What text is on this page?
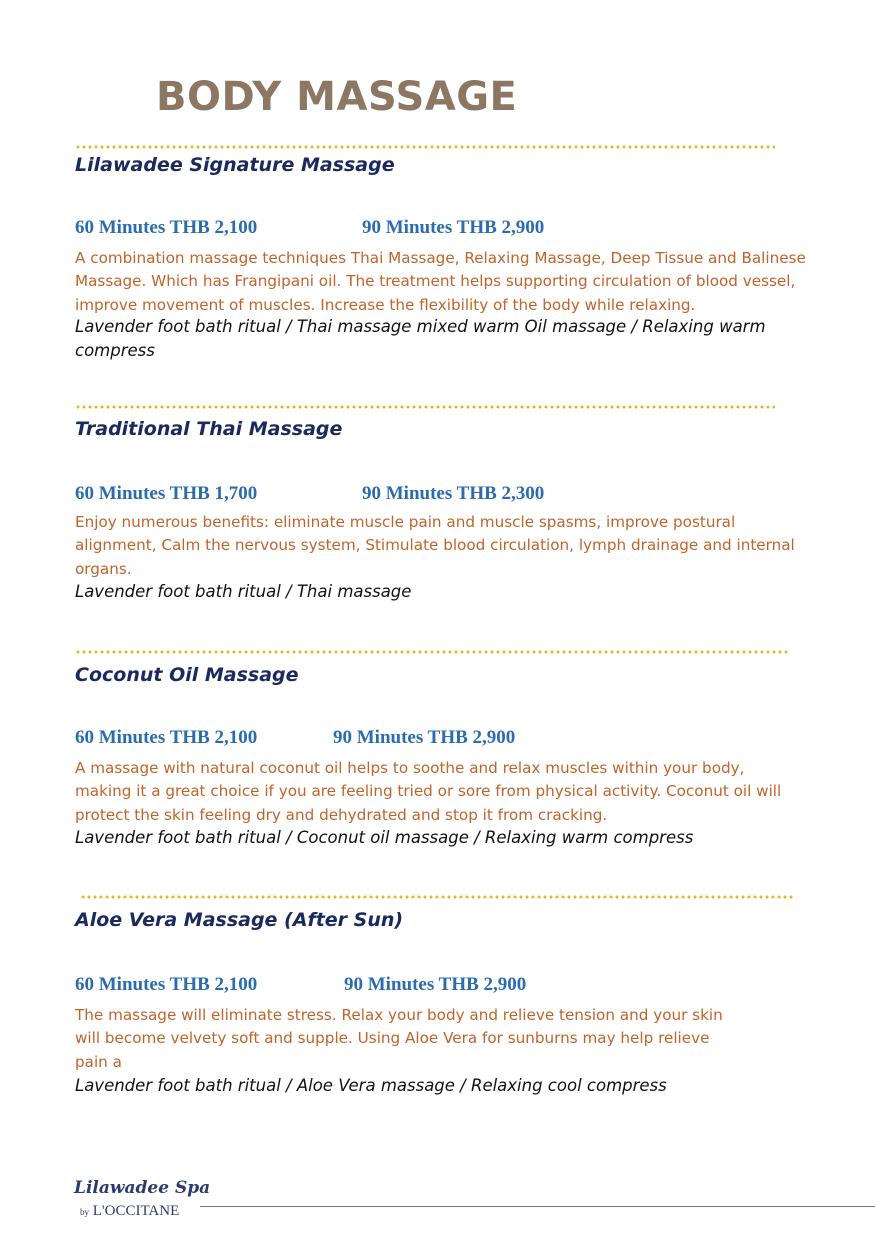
BODY MASSAGE
Lilawadee Signature Massage
60 Minutes THB 2,100	90 Minutes THB 2,900
A combination massage techniques Thai Massage, Relaxing Massage, Deep Tissue and Balinese
Massage. Which has Frangipani oil. The treatment helps supporting circulation of blood vessel,
improve movement of muscles. Increase the flexibility of the body while relaxing.
Lavender foot bath ritual / Thai massage mixed warm Oil massage / Relaxing warm
compress
Traditional Thai Massage
60 Minutes THB 1,700	90 Minutes THB 2,300
Enjoy numerous benefits: eliminate muscle pain and muscle spasms, improve postural
alignment, Calm the nervous system, Stimulate blood circulation, lymph drainage and internal
organs.
Lavender foot bath ritual / Thai massage
Coconut Oil Massage
60 Minutes THB 2,100	90 Minutes THB 2,900
A massage with natural coconut oil helps to soothe and relax muscles within your body,
making it a great choice if you are feeling tried or sore from physical activity. Coconut oil will
protect the skin feeling dry and dehydrated and stop it from cracking.
Lavender foot bath ritual / Coconut oil massage / Relaxing warm compress
Aloe Vera Massage (After Sun)
60 Minutes THB 2,100	90 Minutes THB 2,900
The massage will eliminate stress. Relax your body and relieve tension and your skin
will become velvety soft and supple. Using Aloe Vera for sunburns may help relieve
pain a
Lavender foot bath ritual / Aloe Vera massage / Relaxing cool compress
Lilawadee Spa
by L'OCCITANE
